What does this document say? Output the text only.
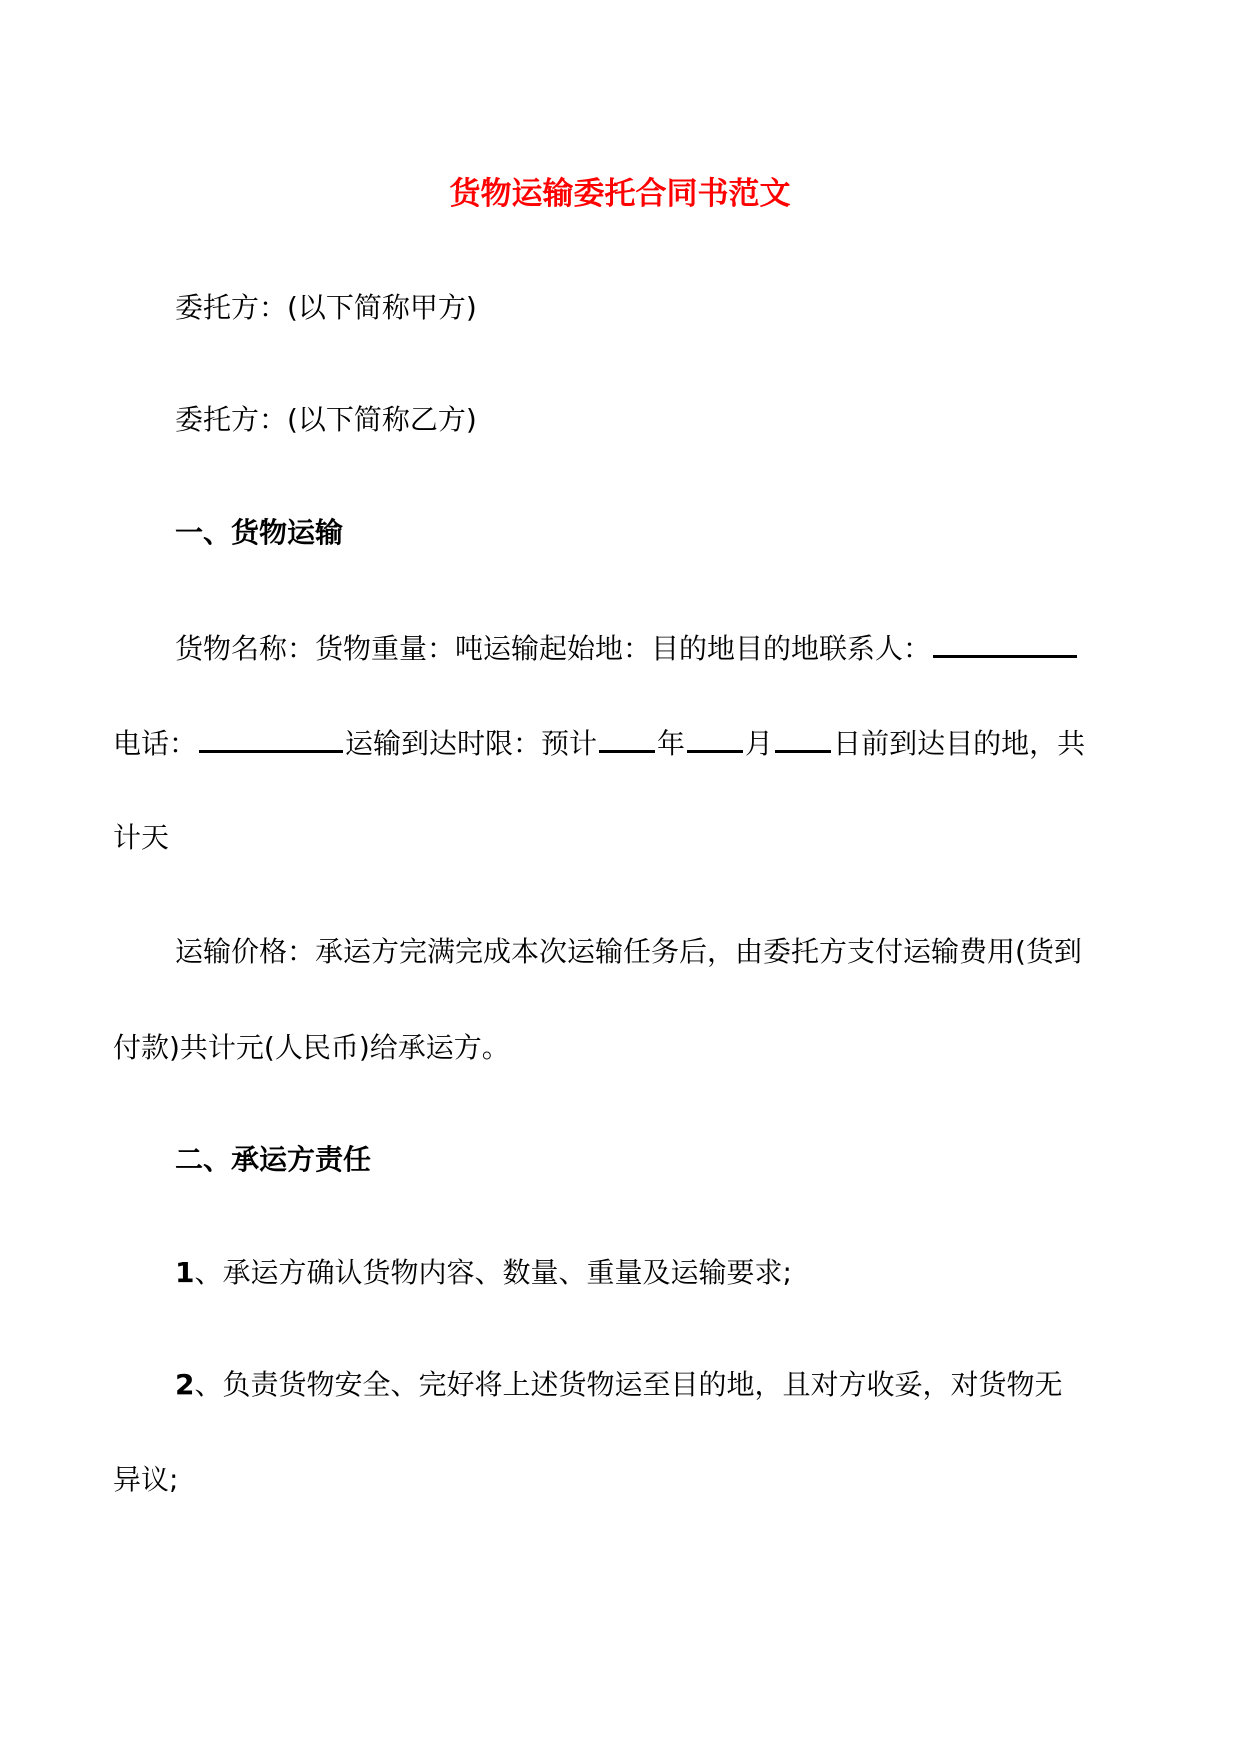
货物运输委托合同书范文
委托方：(以下简称甲方)
委托方：(以下简称乙方)
一、货物运输
货物名称：货物重量：吨运输起始地：目的地目的地联系人：
电话：	运输到达时限：预计 年 月 日前到达目的地，共
计天
运输价格：承运方完满完成本次运输任务后，由委托方支付运输费用(货到
付款)共计元(人民币)给承运方。
二、承运方责任
1、承运方确认货物内容、数量、重量及运输要求;
2、负责货物安全、完好将上述货物运至目的地，且对方收妥，对货物无
异议;
